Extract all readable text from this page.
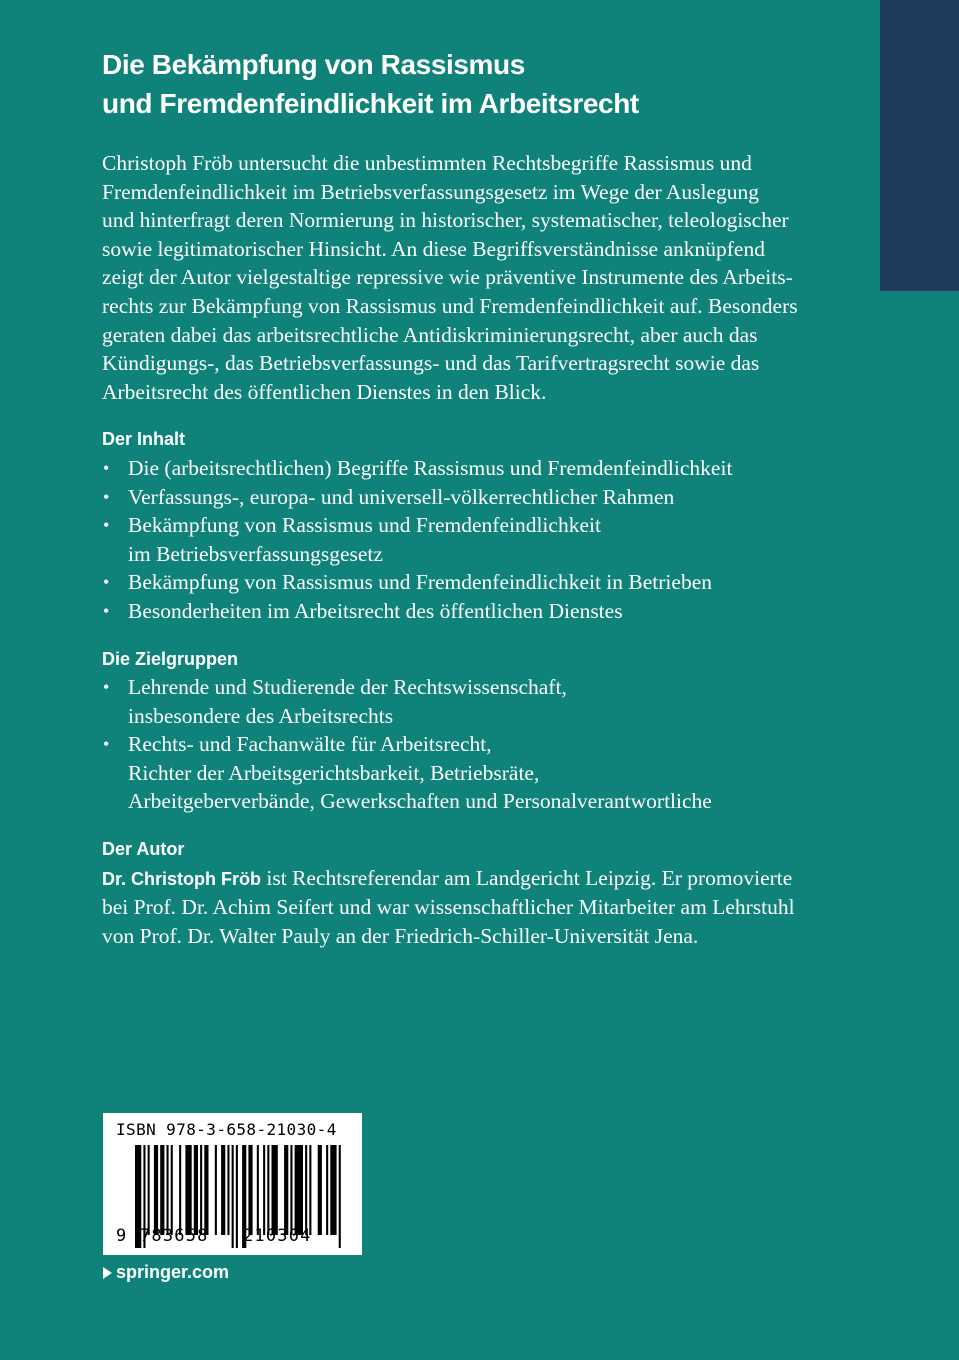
Die Bekämpfung von Rassismus
und Fremdenfeindlichkeit im Arbeitsrecht
Christoph Fröb untersucht die unbestimmten Rechtsbegriffe Rassismus und
Fremdenfeindlichkeit im Betriebsverfassungsgesetz im Wege der Auslegung
und hinterfragt deren Normierung in historischer, systematischer, teleologischer
sowie legitimatorischer Hinsicht. An diese Begriffsverständnisse anknüpfend
zeigt der Autor vielgestaltige repressive wie präventive Instrumente des Arbeits-
rechts zur Bekämpfung von Rassismus und Fremdenfeindlichkeit auf. Besonders
geraten dabei das arbeitsrechtliche Antidiskriminierungsrecht, aber auch das
Kündigungs-, das Betriebsverfassungs- und das Tarifvertragsrecht sowie das
Arbeitsrecht des öffentlichen Dienstes in den Blick.
Der Inhalt
• Die (arbeitsrechtlichen) Begriffe Rassismus und Fremdenfeindlichkeit
• Verfassungs-, europa- und universell-völkerrechtlicher Rahmen
• Bekämpfung von Rassismus und Fremdenfeindlichkeit
im Betriebsverfassungsgesetz
• Bekämpfung von Rassismus und Fremdenfeindlichkeit in Betrieben
• Besonderheiten im Arbeitsrecht des öffentlichen Dienstes
Die Zielgruppen
• Lehrende und Studierende der Rechtswissenschaft,
insbesondere des Arbeitsrechts
• Rechts- und Fachanwälte für Arbeitsrecht,
Richter der Arbeitsgerichtsbarkeit, Betriebsräte,
Arbeitgeberverbände, Gewerkschaften und Personalverantwortliche
Der Autor
Dr. Christoph Fröb ist Rechtsreferendar am Landgericht Leipzig. Er promovierte
bei Prof. Dr. Achim Seifert und war wissenschaftlicher Mitarbeiter am Lehrstuhl
von Prof. Dr. Walter Pauly an der Friedrich-Schiller-Universität Jena.
ISBN 978-3-658-21030-4
9 783658 210304
springer.com
